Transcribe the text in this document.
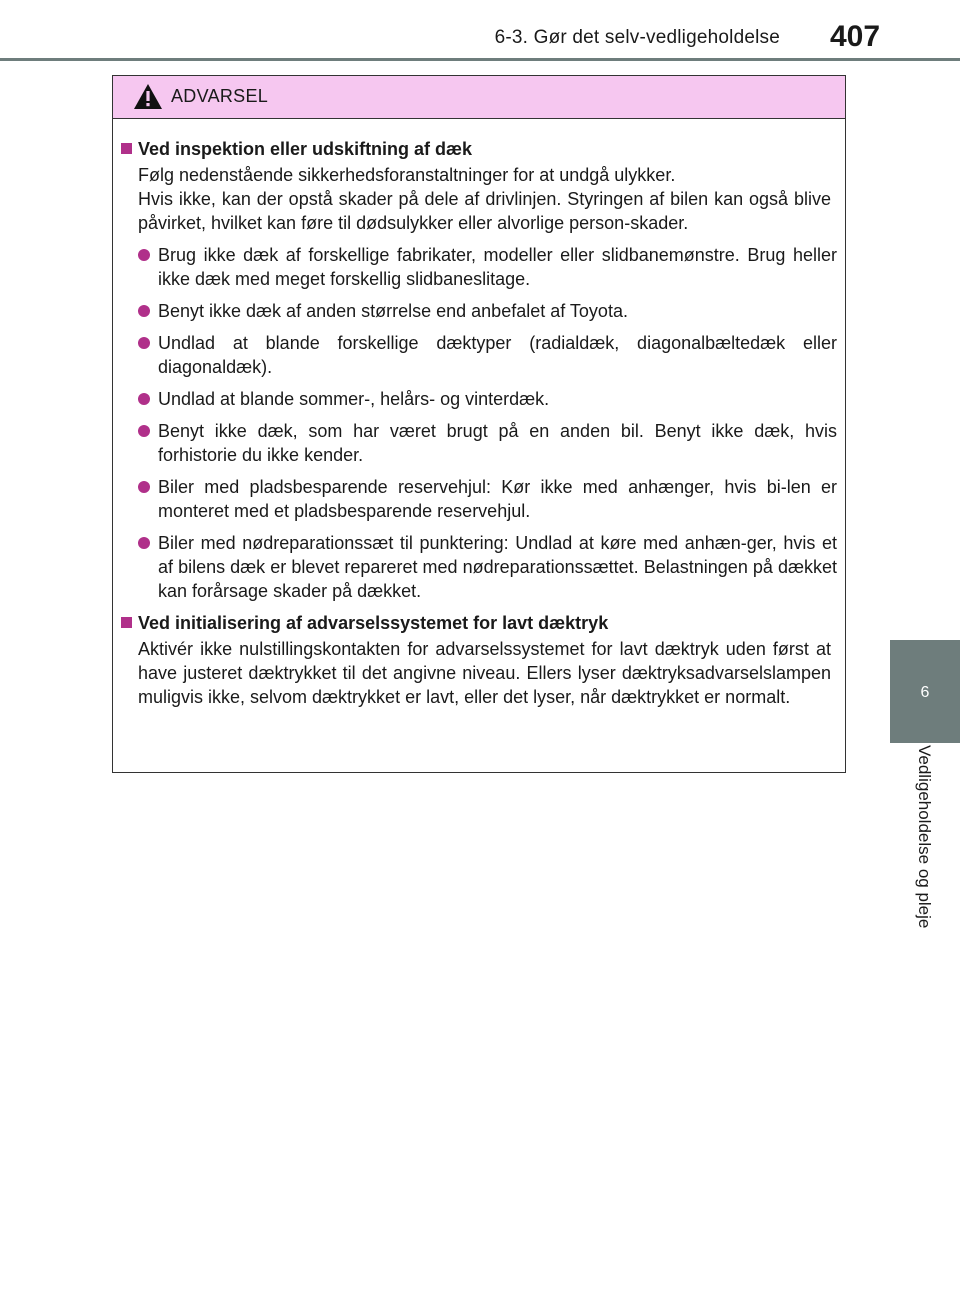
6-3. Gør det selv-vedligeholdelse 407
6
Vedligeholdelse og pleje
ADVARSEL

Ved inspektion eller udskiftning af dæk

Følg nedenstående sikkerhedsforanstaltninger for at undgå ulykker.
Hvis ikke, kan der opstå skader på dele af drivlinjen. Styringen af bilen kan også blive påvirket, hvilket kan føre til dødsulykker eller alvorlige person-skader.
Brug ikke dæk af forskellige fabrikater, modeller eller slidbanemønstre. Brug heller ikke dæk med meget forskellig slidbaneslitage.
Benyt ikke dæk af anden størrelse end anbefalet af Toyota.
Undlad at blande forskellige dæktyper (radialdæk, diagonalbæltedæk eller diagonaldæk).
Undlad at blande sommer-, helårs- og vinterdæk.
Benyt ikke dæk, som har været brugt på en anden bil. Benyt ikke dæk, hvis forhistorie du ikke kender.
Biler med pladsbesparende reservehjul: Kør ikke med anhænger, hvis bi-len er monteret med et pladsbesparende reservehjul.
Biler med nødreparationssæt til punktering: Undlad at køre med anhæn-ger, hvis et af bilens dæk er blevet repareret med nødreparationssættet. Belastningen på dækket kan forårsage skader på dækket.

Ved initialisering af advarselssystemet for lavt dæktryk

Aktivér ikke nulstillingskontakten for advarselssystemet for lavt dæktryk uden først at have justeret dæktrykket til det angivne niveau. Ellers lyser dæktryksadvarselslampen muligvis ikke, selvom dæktrykket er lavt, eller det lyser, når dæktrykket er normalt.
